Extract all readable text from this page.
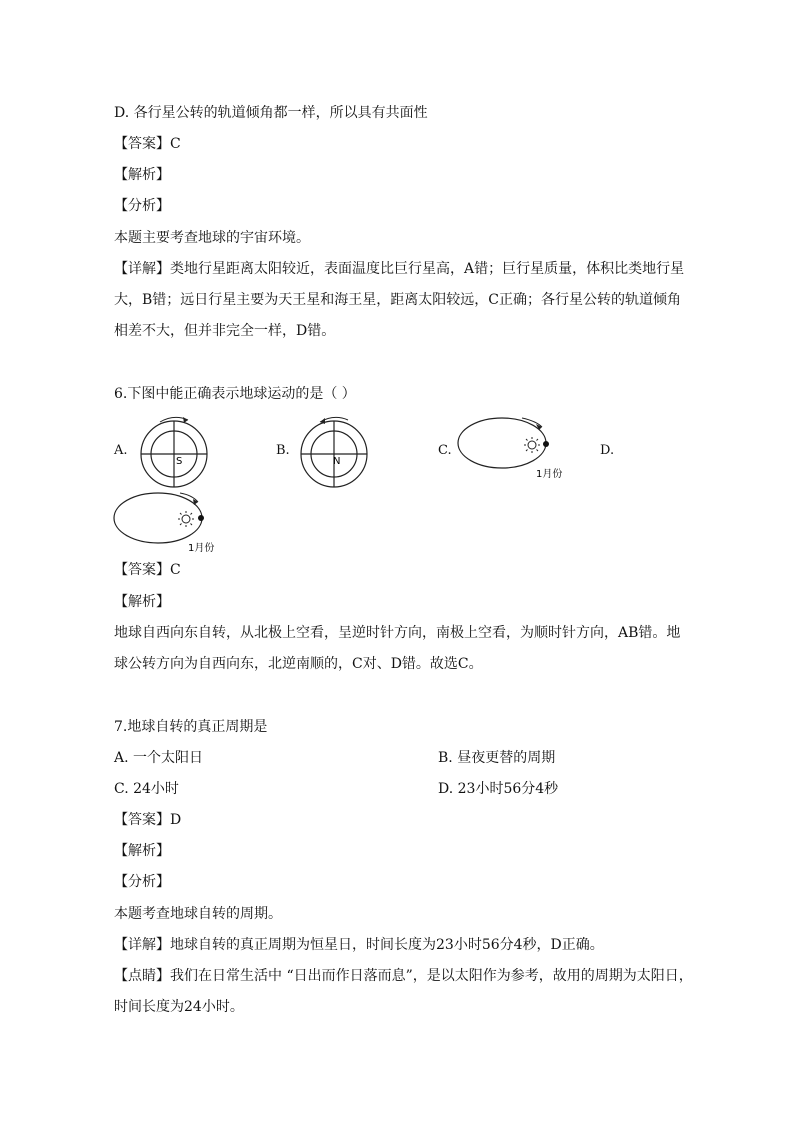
D. 各行星公转的轨道倾角都一样，所以具有共面性
【答案】C
【解析】
【分析】
本题主要考查地球的宇宙环境。
【详解】类地行星距离太阳较近，表面温度比巨行星高，A错；巨行星质量，体积比类地行星
大，B错；远日行星主要为天王星和海王星，距离太阳较远，C正确；各行星公转的轨道倾角
相差不大，但并非完全一样，D错。
6.下图中能正确表示地球运动的是（ ）
A.
S
B.
N
C.
1月份
D.
1月份
【答案】C
【解析】
地球自西向东自转，从北极上空看，呈逆时针方向，南极上空看，为顺时针方向，AB错。地
球公转方向为自西向东，北逆南顺的，C对、D错。故选C。
7.地球自转的真正周期是
A. 一个太阳日	B. 昼夜更替的周期
C. 24小时	D. 23小时56分4秒
【答案】D
【解析】
【分析】
本题考查地球自转的周期。
【详解】地球自转的真正周期为恒星日，时间长度为23小时56分4秒，D正确。
【点睛】我们在日常生活中 “日出而作日落而息”，是以太阳作为参考，故用的周期为太阳日，
时间长度为24小时。
